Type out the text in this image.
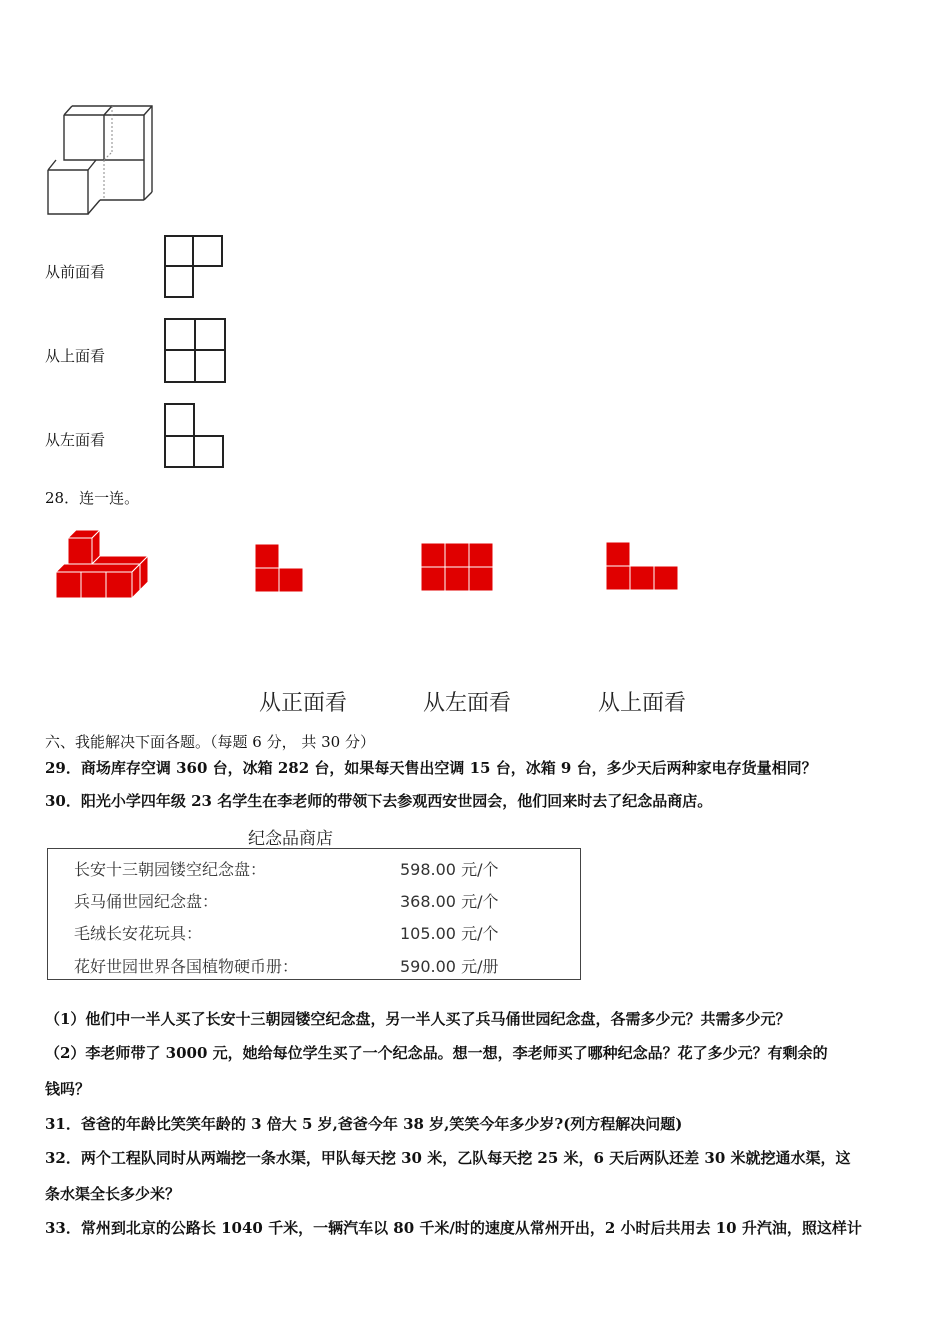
从前面看
从上面看
从左面看
28．连一连。
从正面看	从左面看	从上面看
六、我能解决下面各题。（每题 6 分， 共 30 分）
29．商场库存空调 360 台，冰箱 282 台，如果每天售出空调 15 台，冰箱 9 台，多少天后两种家电存货量相同？
30．阳光小学四年级 23 名学生在李老师的带领下去参观西安世园会，他们回来时去了纪念品商店。
纪念品商店
长安十三朝园镂空纪念盘：	598.00 元/个
兵马俑世园纪念盘：	368.00 元/个
毛绒长安花玩具：	105.00 元/个
花好世园世界各国植物硬币册：	590.00 元/册
（1）他们中一半人买了长安十三朝园镂空纪念盘，另一半人买了兵马俑世园纪念盘，各需多少元？共需多少元？
（2）李老师带了 3000 元，她给每位学生买了一个纪念品。想一想，李老师买了哪种纪念品？花了多少元？有剩余的
钱吗？
31．爸爸的年龄比笑笑年龄的 3 倍大 5 岁,爸爸今年 38 岁,笑笑今年多少岁?(列方程解决问题)
32．两个工程队同时从两端挖一条水渠，甲队每天挖 30 米，乙队每天挖 25 米，6 天后两队还差 30 米就挖通水渠，这
条水渠全长多少米？
33．常州到北京的公路长 1040 千米，一辆汽车以 80 千米/时的速度从常州开出，2 小时后共用去 10 升汽油，照这样计
